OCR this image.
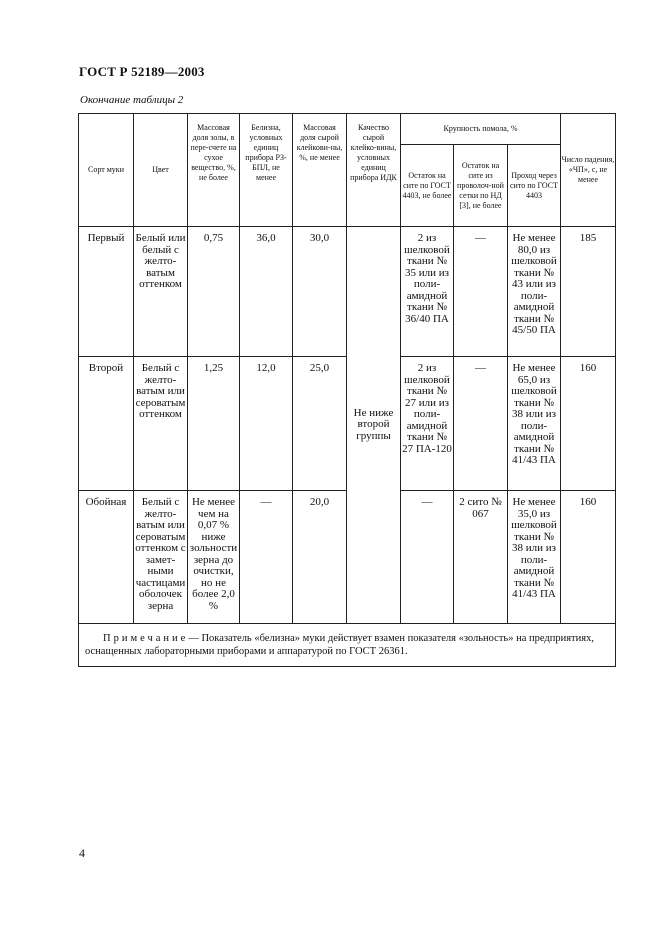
ГОСТ Р 52189—2003
Окончание таблицы 2
Сорт муки	Цвет	Массовая доля золы, в пере-счете на сухое вещество, %, не более	Белизна, условных единиц прибора РЗ-БПЛ, не менее	Массовая доля сырой клейкови-ны, %, не менее	Качество сырой клейко-вины, условных единиц прибора ИДК	Крупность помола, %			Число падения, «ЧП», с, не менее
						Остаток на сите по ГОСТ 4403, не более	Остаток на сите из проволоч-ной сетки по НД [3], не более	Проход через сито по ГОСТ 4403	

Первый	Белый или белый с желто-ватым оттенком	0,75	36,0	30,0	Не ниже второй группы	2 из шелковой ткани № 35 или из поли-амидной ткани № 36/40 ПА	—	Не менее 80,0 из шелковой ткани № 43 или из поли-амидной ткани № 45/50 ПА	185

Второй	Белый с желто-ватым или сероватым оттенком	1,25	12,0	25,0		2 из шелковой ткани № 27 или из поли-амидной ткани № 27 ПА-120	—	Не менее 65,0 из шелковой ткани № 38 или из поли-амидной ткани № 41/43 ПА	160

Обойная	Белый с желто-ватым или сероватым оттенком с замет-ными частицами оболочек зерна	Не менее чем на 0,07 % ниже зольности зерна до очистки, но не более 2,0 %	—	20,0		—	2 сито № 067	Не менее 35,0 из шелковой ткани № 38 или из поли-амидной ткани № 41/43 ПА	160

Примечание— Показатель «белизна» муки действует взамен показателя «зольность» на предприятиях, оснащенных лабораторными приборами и аппаратурой по ГОСТ 26361.									
4
